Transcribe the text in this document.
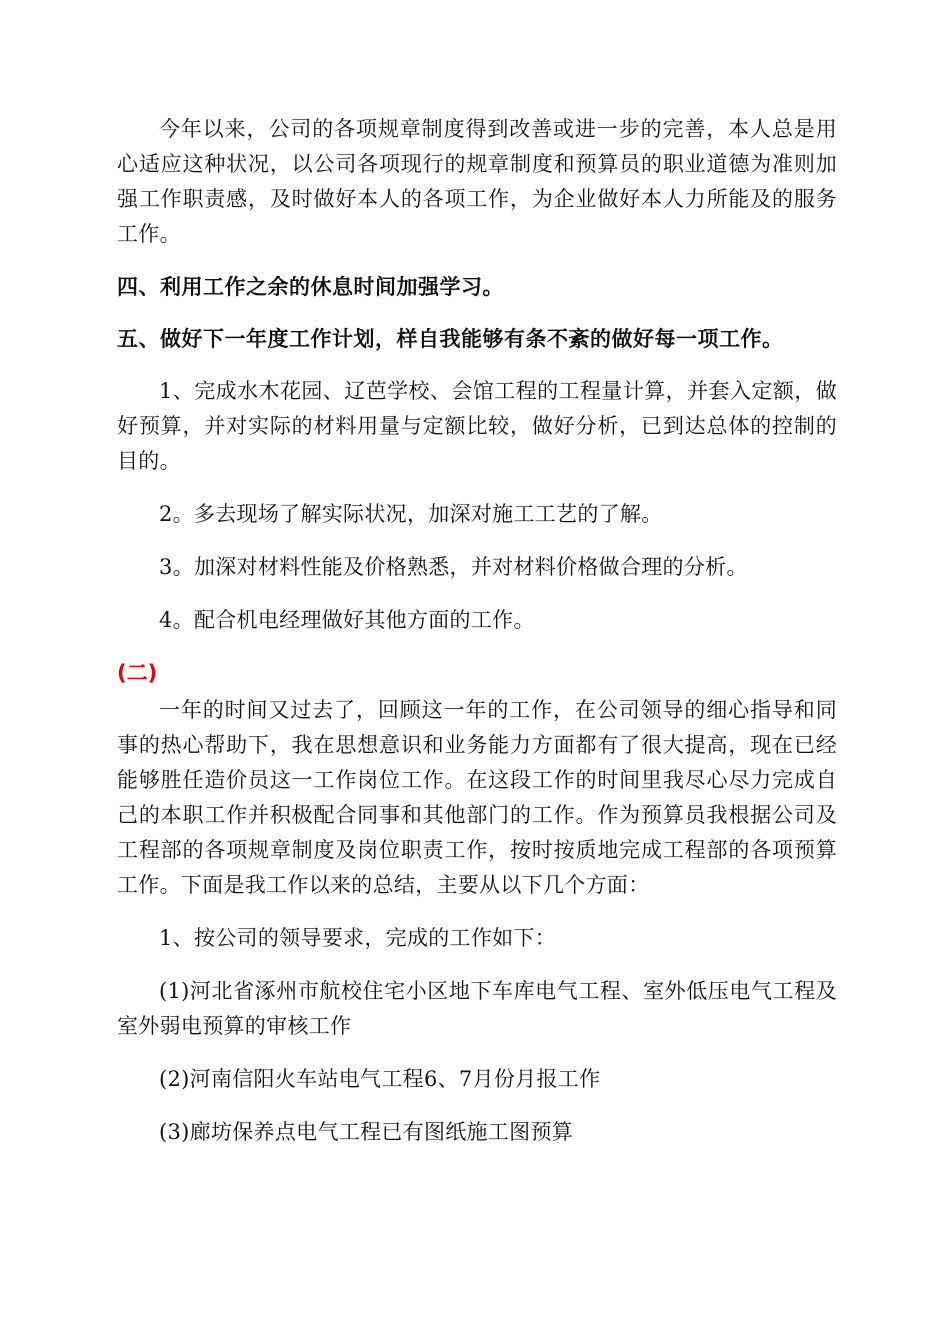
今年以来，公司的各项规章制度得到改善或进一步的完善，本人总是用心适应这种状况，以公司各项现行的规章制度和预算员的职业道德为准则加强工作职责感，及时做好本人的各项工作，为企业做好本人力所能及的服务工作。

四、利用工作之余的休息时间加强学习。

五、做好下一年度工作计划，样自我能够有条不紊的做好每一项工作。

1、完成水木花园、辽芭学校、会馆工程的工程量计算，并套入定额，做好预算，并对实际的材料用量与定额比较，做好分析，已到达总体的控制的目的。

2。多去现场了解实际状况，加深对施工工艺的了解。

3。加深对材料性能及价格熟悉，并对材料价格做合理的分析。

4。配合机电经理做好其他方面的工作。

(二)

一年的时间又过去了，回顾这一年的工作，在公司领导的细心指导和同事的热心帮助下，我在思想意识和业务能力方面都有了很大提高，现在已经能够胜任造价员这一工作岗位工作。在这段工作的时间里我尽心尽力完成自己的本职工作并积极配合同事和其他部门的工作。作为预算员我根据公司及工程部的各项规章制度及岗位职责工作，按时按质地完成工程部的各项预算工作。下面是我工作以来的总结，主要从以下几个方面：

1、按公司的领导要求，完成的工作如下：

(1)河北省涿州市航校住宅小区地下车库电气工程、室外低压电气工程及室外弱电预算的审核工作

(2)河南信阳火车站电气工程6、7月份月报工作

(3)廊坊保养点电气工程已有图纸施工图预算
